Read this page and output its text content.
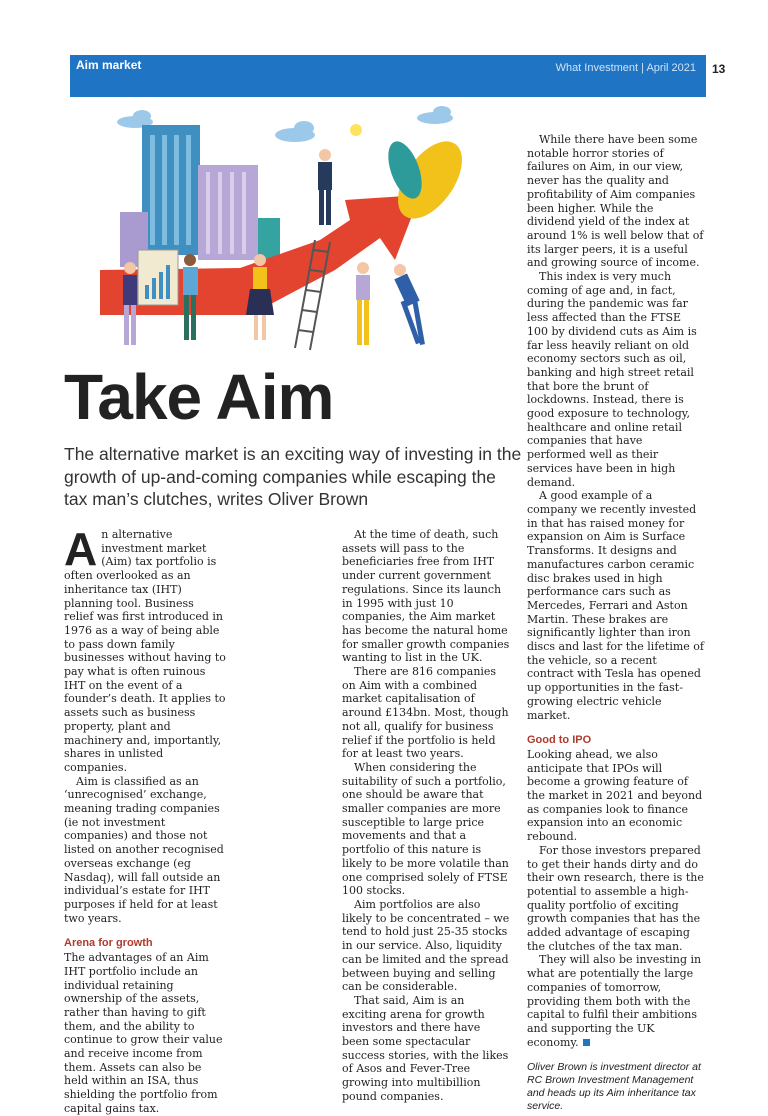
Aim market	What Investment | April 2021 13
Take Aim

The alternative market is an exciting way of investing in the growth of up-and-coming companies while escaping the tax man’s clutches, writes Oliver Brown

A n alternative investment market (Aim) tax portfolio is often overlooked as an inheritance tax (IHT) planning tool. Business relief was first introduced in 1976 as a way of being able to pass down family businesses without having to pay what is often ruinous IHT on the event of a founder’s death. It applies to assets such as business property, plant and machinery and, importantly, shares in unlisted companies.

Aim is classified as an ‘unrecognised’ exchange, meaning trading companies (ie not investment companies) and those not listed on another recognised overseas exchange (eg Nasdaq), will fall outside an individual’s estate for IHT purposes if held for at least two years.

Arena for growth

The advantages of an Aim IHT portfolio include an individual retaining ownership of the assets, rather than having to gift them, and the ability to continue to grow their value and receive income from them. Assets can also be held within an ISA, thus shielding the portfolio from capital gains tax.

At the time of death, such assets will pass to the beneficiaries free from IHT under current government regulations. Since its launch in 1995 with just 10 companies, the Aim market has become the natural home for smaller growth companies wanting to list in the UK.

There are 816 companies on Aim with a combined market capitalisation of around £134bn. Most, though not all, qualify for business relief if the portfolio is held for at least two years.

When considering the suitability of such a portfolio, one should be aware that smaller companies are more susceptible to large price movements and that a portfolio of this nature is likely to be more volatile than one comprised solely of FTSE 100 stocks.

Aim portfolios are also likely to be concentrated – we tend to hold just 25-35 stocks in our service. Also, liquidity can be limited and the spread between buying and selling can be considerable.

That said, Aim is an exciting arena for growth investors and there have been some spectacular success stories, with the likes of Asos and Fever-Tree growing into multibillion pound companies.

While there have been some notable horror stories of failures on Aim, in our view, never has the quality and profitability of Aim companies been higher. While the dividend yield of the index at around 1% is well below that of its larger peers, it is a useful and growing source of income.

This index is very much coming of age and, in fact, during the pandemic was far less affected than the FTSE 100 by dividend cuts as Aim is far less heavily reliant on old economy sectors such as oil, banking and high street retail that bore the brunt of lockdowns. Instead, there is good exposure to technology, healthcare and online retail companies that have performed well as their services have been in high demand.

A good example of a company we recently invested in that has raised money for expansion on Aim is Surface Transforms. It designs and manufactures carbon ceramic disc brakes used in high performance cars such as Mercedes, Ferrari and Aston Martin. These brakes are significantly lighter than iron discs and last for the lifetime of the vehicle, so a recent contract with Tesla has opened up opportunities in the fast-growing electric vehicle market.

Good to IPO

Looking ahead, we also anticipate that IPOs will become a growing feature of the market in 2021 and beyond as companies look to finance expansion into an economic rebound.

For those investors prepared to get their hands dirty and do their own research, there is the potential to assemble a high-quality portfolio of exciting growth companies that has the added advantage of escaping the clutches of the tax man.

They will also be investing in what are potentially the large companies of tomorrow, providing them both with the capital to fulfil their ambitions and supporting the UK economy.

Oliver Brown is investment director at RC Brown Investment Management and heads up its Aim inheritance tax service.
